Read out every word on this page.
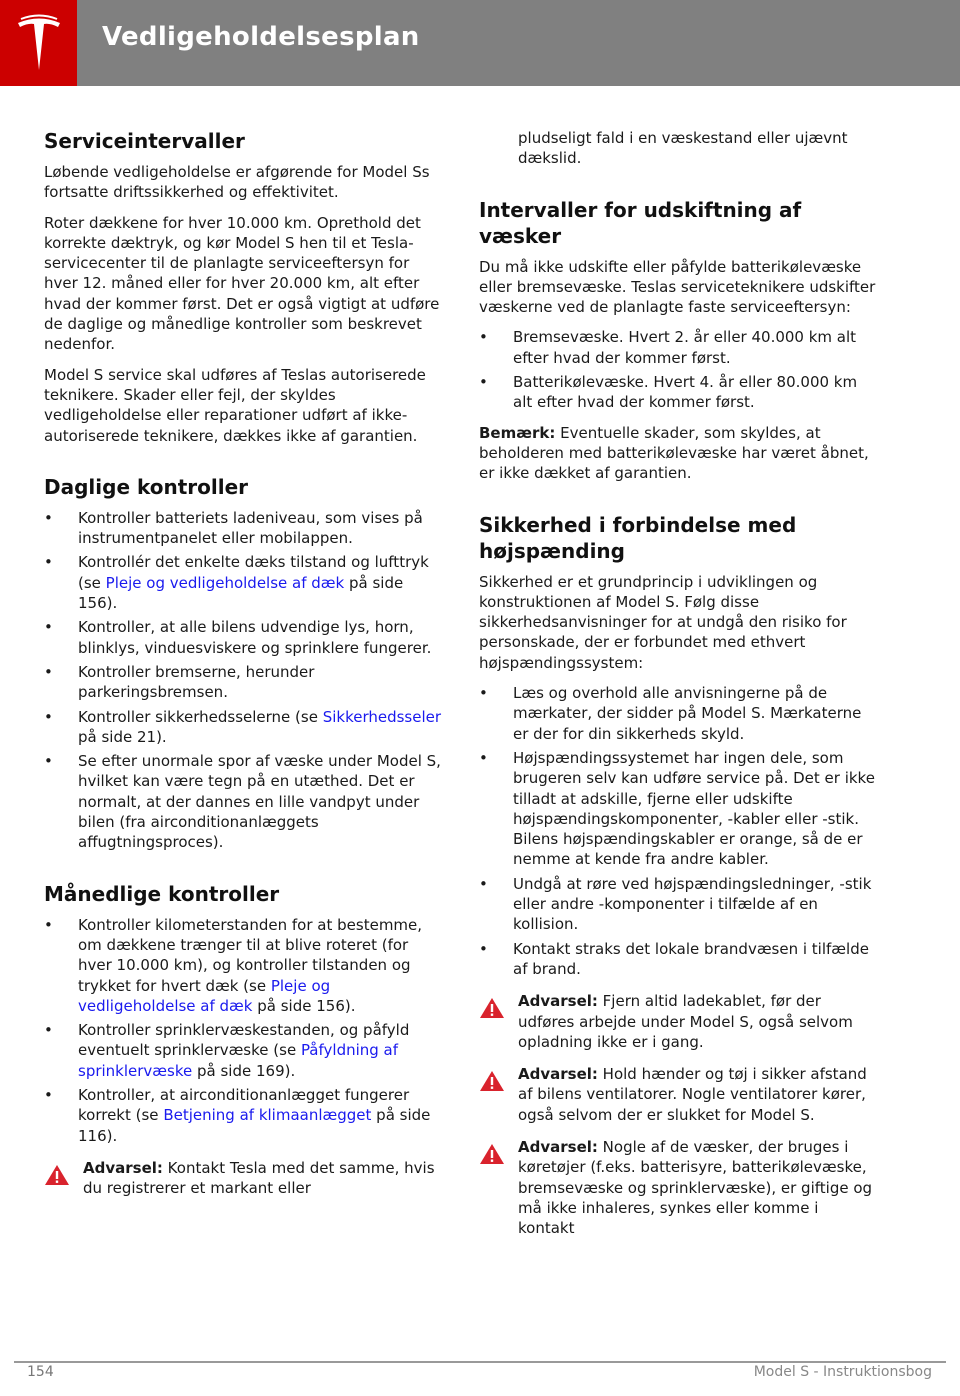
Vedligeholdelsesplan
Serviceintervaller

Løbende vedligeholdelse er afgørende for Model Ss fortsatte driftssikkerhed og effektivitet.

Roter dækkene for hver 10.000 km. Oprethold det korrekte dæktryk, og kør Model S hen til et Tesla-servicecenter til de planlagte serviceeftersyn for hver 12. måned eller for hver 20.000 km, alt efter hvad der kommer først. Det er også vigtigt at udføre de daglige og månedlige kontroller som beskrevet nedenfor.

Model S service skal udføres af Teslas autoriserede teknikere. Skader eller fejl, der skyldes vedligeholdelse eller reparationer udført af ikke-autoriserede teknikere, dækkes ikke af garantien.

Daglige kontroller
• Kontroller batteriets ladeniveau, som vises på instrumentpanelet eller mobilappen.
• Kontrollér det enkelte dæks tilstand og lufttryk (se Pleje og vedligeholdelse af dæk på side 156).
• Kontroller, at alle bilens udvendige lys, horn, blinklys, vinduesviskere og sprinklere fungerer.
• Kontroller bremserne, herunder parkeringsbremsen.
• Kontroller sikkerhedsselerne (se Sikkerhedsseler på side 21).
• Se efter unormale spor af væske under Model S, hvilket kan være tegn på en utæthed. Det er normalt, at der dannes en lille vandpyt under bilen (fra airconditionanlæggets affugtningsproces).
Månedlige kontroller
• Kontroller kilometerstanden for at bestemme, om dækkene trænger til at blive roteret (for hver 10.000 km), og kontroller tilstanden og trykket for hvert dæk (se Pleje og vedligeholdelse af dæk på side 156).
• Kontroller sprinklervæskestanden, og påfyld eventuelt sprinklervæske (se Påfyldning af sprinklervæske på side 169).
• Kontroller, at airconditionanlægget fungerer korrekt (se Betjening af klimaanlægget på side 116).
Advarsel: Kontakt Tesla med det samme, hvis du registrerer et markant eller

pludseligt fald i en væskestand eller ujævnt dækslid.

Intervaller for udskiftning af væsker

Du må ikke udskifte eller påfylde batterikølevæske eller bremsevæske. Teslas serviceteknikere udskifter væskerne ved de planlagte faste serviceeftersyn:

• Bremsevæske. Hvert 2. år eller 40.000 km alt efter hvad der kommer først.
• Batterikølevæske. Hvert 4. år eller 80.000 km alt efter hvad der kommer først.

Bemærk: Eventuelle skader, som skyldes, at beholderen med batterikølevæske har været åbnet, er ikke dækket af garantien.

Sikkerhed i forbindelse med højspænding

Sikkerhed er et grundprincip i udviklingen og konstruktionen af Model S. Følg disse sikkerhedsanvisninger for at undgå den risiko for personskade, der er forbundet med ethvert højspændingssystem:

• Læs og overhold alle anvisningerne på de mærkater, der sidder på Model S. Mærkaterne er der for din sikkerheds skyld.
• Højspændingssystemet har ingen dele, som brugeren selv kan udføre service på. Det er ikke tilladt at adskille, fjerne eller udskifte højspændingskomponenter, -kabler eller -stik. Bilens højspændingskabler er orange, så de er nemme at kende fra andre kabler.
• Undgå at røre ved højspændingsledninger, -stik eller andre -komponenter i tilfælde af en kollision.
• Kontakt straks det lokale brandvæsen i tilfælde af brand.
Advarsel: Fjern altid ladekablet, før der udføres arbejde under Model S, også selvom opladning ikke er i gang.
Advarsel: Hold hænder og tøj i sikker afstand af bilens ventilatorer. Nogle ventilatorer kører, også selvom der er slukket for Model S.
Advarsel: Nogle af de væsker, der bruges i køretøjer (f.eks. batterisyre, batterikølevæske, bremsevæske og sprinklervæske), er giftige og må ikke inhaleres, synkes eller komme i kontakt
154	Model S - Instruktionsbog
